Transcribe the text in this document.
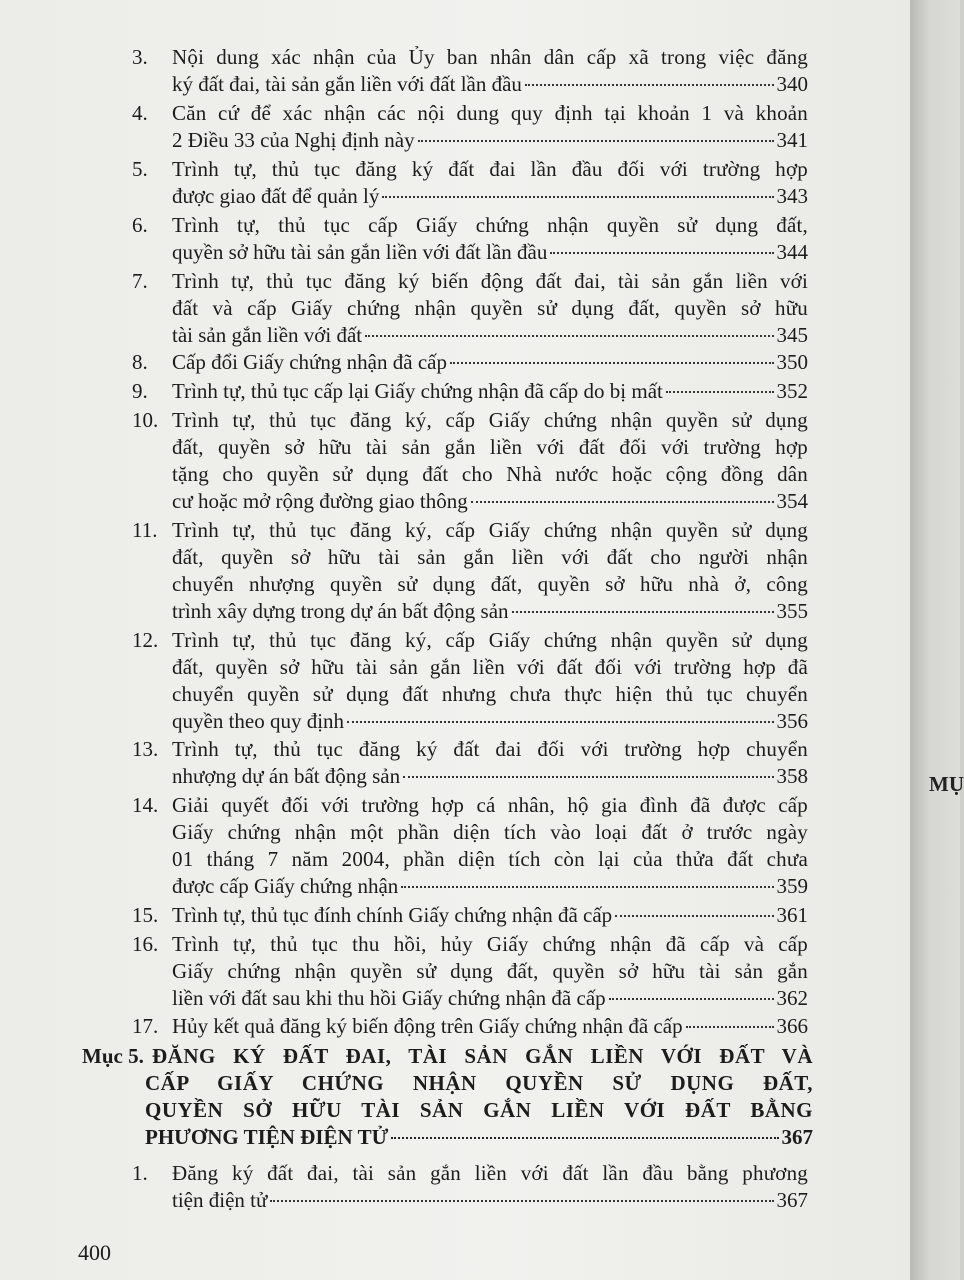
3. Nội dung xác nhận của Ủy ban nhân dân cấp xã trong việc đăng
ký đất đai, tài sản gắn liền với đất lần đầu	340
4. Căn cứ để xác nhận các nội dung quy định tại khoản 1 và khoản
2 Điều 33 của Nghị định này	341
5. Trình tự, thủ tục đăng ký đất đai lần đầu đối với trường hợp
được giao đất để quản lý	343
6. Trình tự, thủ tục cấp Giấy chứng nhận quyền sử dụng đất,
quyền sở hữu tài sản gắn liền với đất lần đầu	344
7. Trình tự, thủ tục đăng ký biến động đất đai, tài sản gắn liền với
đất và cấp Giấy chứng nhận quyền sử dụng đất, quyền sở hữu
tài sản gắn liền với đất	345
8. Cấp đổi Giấy chứng nhận đã cấp	350
9. Trình tự, thủ tục cấp lại Giấy chứng nhận đã cấp do bị mất	352
10. Trình tự, thủ tục đăng ký, cấp Giấy chứng nhận quyền sử dụng
đất, quyền sở hữu tài sản gắn liền với đất đối với trường hợp
tặng cho quyền sử dụng đất cho Nhà nước hoặc cộng đồng dân
cư hoặc mở rộng đường giao thông	354
11. Trình tự, thủ tục đăng ký, cấp Giấy chứng nhận quyền sử dụng
đất, quyền sở hữu tài sản gắn liền với đất cho người nhận
chuyển nhượng quyền sử dụng đất, quyền sở hữu nhà ở, công
trình xây dựng trong dự án bất động sản	355
12. Trình tự, thủ tục đăng ký, cấp Giấy chứng nhận quyền sử dụng
đất, quyền sở hữu tài sản gắn liền với đất đối với trường hợp đã
chuyển quyền sử dụng đất nhưng chưa thực hiện thủ tục chuyển
quyền theo quy định	356
13. Trình tự, thủ tục đăng ký đất đai đối với trường hợp chuyển
nhượng dự án bất động sản	358
14. Giải quyết đối với trường hợp cá nhân, hộ gia đình đã được cấp
Giấy chứng nhận một phần diện tích vào loại đất ở trước ngày
01 tháng 7 năm 2004, phần diện tích còn lại của thửa đất chưa
được cấp Giấy chứng nhận	359
15. Trình tự, thủ tục đính chính Giấy chứng nhận đã cấp	361
16. Trình tự, thủ tục thu hồi, hủy Giấy chứng nhận đã cấp và cấp
Giấy chứng nhận quyền sử dụng đất, quyền sở hữu tài sản gắn
liền với đất sau khi thu hồi Giấy chứng nhận đã cấp	362
17. Hủy kết quả đăng ký biến động trên Giấy chứng nhận đã cấp	366
Mục 5. ĐĂNG KÝ ĐẤT ĐAI, TÀI SẢN GẮN LIỀN VỚI ĐẤT VÀ
CẤP GIẤY CHỨNG NHẬN QUYỀN SỬ DỤNG ĐẤT,
QUYỀN SỞ HỮU TÀI SẢN GẮN LIỀN VỚI ĐẤT BẰNG
PHƯƠNG TIỆN ĐIỆN TỬ	367
1. Đăng ký đất đai, tài sản gắn liền với đất lần đầu bằng phương
tiện điện tử	367
400
MỤ
